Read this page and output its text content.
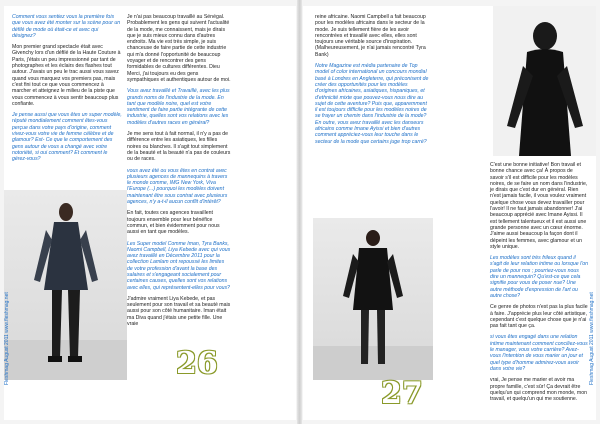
Comment vous sentiez vous la première fois que vous avez été monter sur la scène pour un défilé de mode où était-ce et avec qui désignez?

Mon premier grand spectacle était avec Givenchy lors d'un défilé de la Haute Couture à Paris, j'étais un peu impressionné par tant de photographes et les éclairs des flashes tout autour. J'avais un peu le trac aussi vous savez quand vous marquez vos premiers pas, mais c'est fini tout ce que vous commencez à marcher et atteignez le milieu de la piste que vous commencez à vous sentir beaucoup plus confiante.

Je pense aussi que vous êtes un super modèle, réputé mondialement comment êtes-vous perçue dans votre pays d'origine, comment vivez-vous votre vie de femme célèbre et de glamour? Est- Ce que le comportement des gens autour de vous a changé avec votre notoriété, si oui comment? Et comment le gérez-vous?

Je n'ai pas beaucoup travaillé au Sénégal. Probablement les gens qui suivent l'actualité de la mode, me connaissent, mais je dirais que je suis mieux connu dans d'autres endroits. Ma vie est très simple, je suis chanceuse de faire partie de cette industrie qui m'a donné l'opportunité de beaucoup voyager et de rencontrer des gens formidables de cultures différentes. Dieu Merci, j'ai toujours eu des gens sympathiques et authentiques autour de moi.

Vous avez travaillé et Travaillé, avec les plus grands noms de l'industrie de la mode. En tant que modèle noire, quel est votre sentiment de faire partie intégrante de cette industrie, quelles sont vos relations avec les modèles d'autres races en général?

Je me sens tout à fait normal, il n'y a pas de différence entre les asiatiques, les filles noires ou blanches. Il s'agit tout simplement de la beauté et la beauté n'a pas de couleurs ou de races.

vous avez été ou vous êtes en contrat avec plusieurs agences de mannequins à travers le monde comme, IMG New York, Viva l'Europe (...) pourquoi les modèles doivent maintenant être sous contrat avec plusieurs agences, n'y a-t-il aucun conflit d'intérêt?

En fait, toutes ces agences travaillent toujours ensemble pour leur bénéfice commun, et bien évidemment pour nous aussi en tant que modèles.

Les Super model Comme Iman, Tyra Banks, Naomi Campbell, Liya Kebede avec qui vous avez travaillé en Décembre 2011 pour la collection Lamlam ont repoussé les limites de votre profession d'avant la base des salaires et s'engageant socialement pour certaines causes, quelles sont vos relations avec elles, qui représentent-elles pour vous?

J'admire vraiment Liya Kebede, et pas seulement pour son travail et sa beauté mais aussi pour son côté humanitaire. Iman était ma Diva quand j'étais une petite fille. Une vraie

26

reine africaine. Naomi Campbell a fait beaucoup pour les modèles africains dans le secteur de la mode. Je suis tellement fière de les avoir rencontrées et travaillé avec elles, elles sont toujours une véritable source d'inspiration.(Malheureusement, je n'ai jamais rencontré Tyra Bank)

Notre Magazine est média partenaire de Top model of color international un concours mondial basé à Londres en Angleterre, qui préconisent de créer des opportunités pour les modèles d'origines africaines, asiatiques, hispaniques, et d'ethnicité mixte que pouvez-vous nous dire au sujet de cette aventure? Puis que, apparemment il est toujours difficile pour les modèles noires de se frayer un chemin dans l'industrie de la mode? En outre, vous avez travaillé avec les danseurs africains comme Imane Ayissi et bien d'autres comment appréciez-vous leur touche dans le secteur de la mode que certains juge trop carré?

C'est une bonne initiative! Bon travail et bonne chance avec ça! À propos de savoir s'il est difficile pour les modèles noires, de se faire un nom dans l'industrie, je dirais que c'est dur en général. Rien n'est jamais facile, il vous voulez vraiment quelque chose vous devez travailler pour l'avoir! Il ne faut jamais abandonner! J'ai beaucoup apprécié avec Imane Ayissi. Il est tellement talentueux et il est aussi une grande personne avec un cœur énorme. J'aime aussi beaucoup la façon dont il dépeint les femmes, avec glamour et un style unique.

Les modèles sont très frileux quand il s'agit de leur relation intime ou lorsque l'on parle de pour nos ; pourriez-vous nous dire un mannequin? Qu'est-ce que cela signifie pour vous de poser nue? Une autre méthode d'expression de l'art ou autre chose?

Ce genre de photos n'est pas la plus facile à faire. J'apprécie plus leur côté artistique, cependant c'est quelque chose que je n'ai pas fait tant que ça.

si vous êtes engagé dans une relation intime maintenant comment conciliez-vous le manager, vous votre carrière? Avez-vous l'intention de vous marier un jour et quel type d'homme admirez-vous avoir dans votre vie?

vrai, Je pense me marier et avoir ma propre famille, c'est sûr! Ça devrait être quelqu'un qui comprend mon monde, mon travail, et quelqu'un qui me soutienne.

27
Fleshmag August 2011 www.fleshmag.net	Fleshmag August 2011 www.fleshmag.net
